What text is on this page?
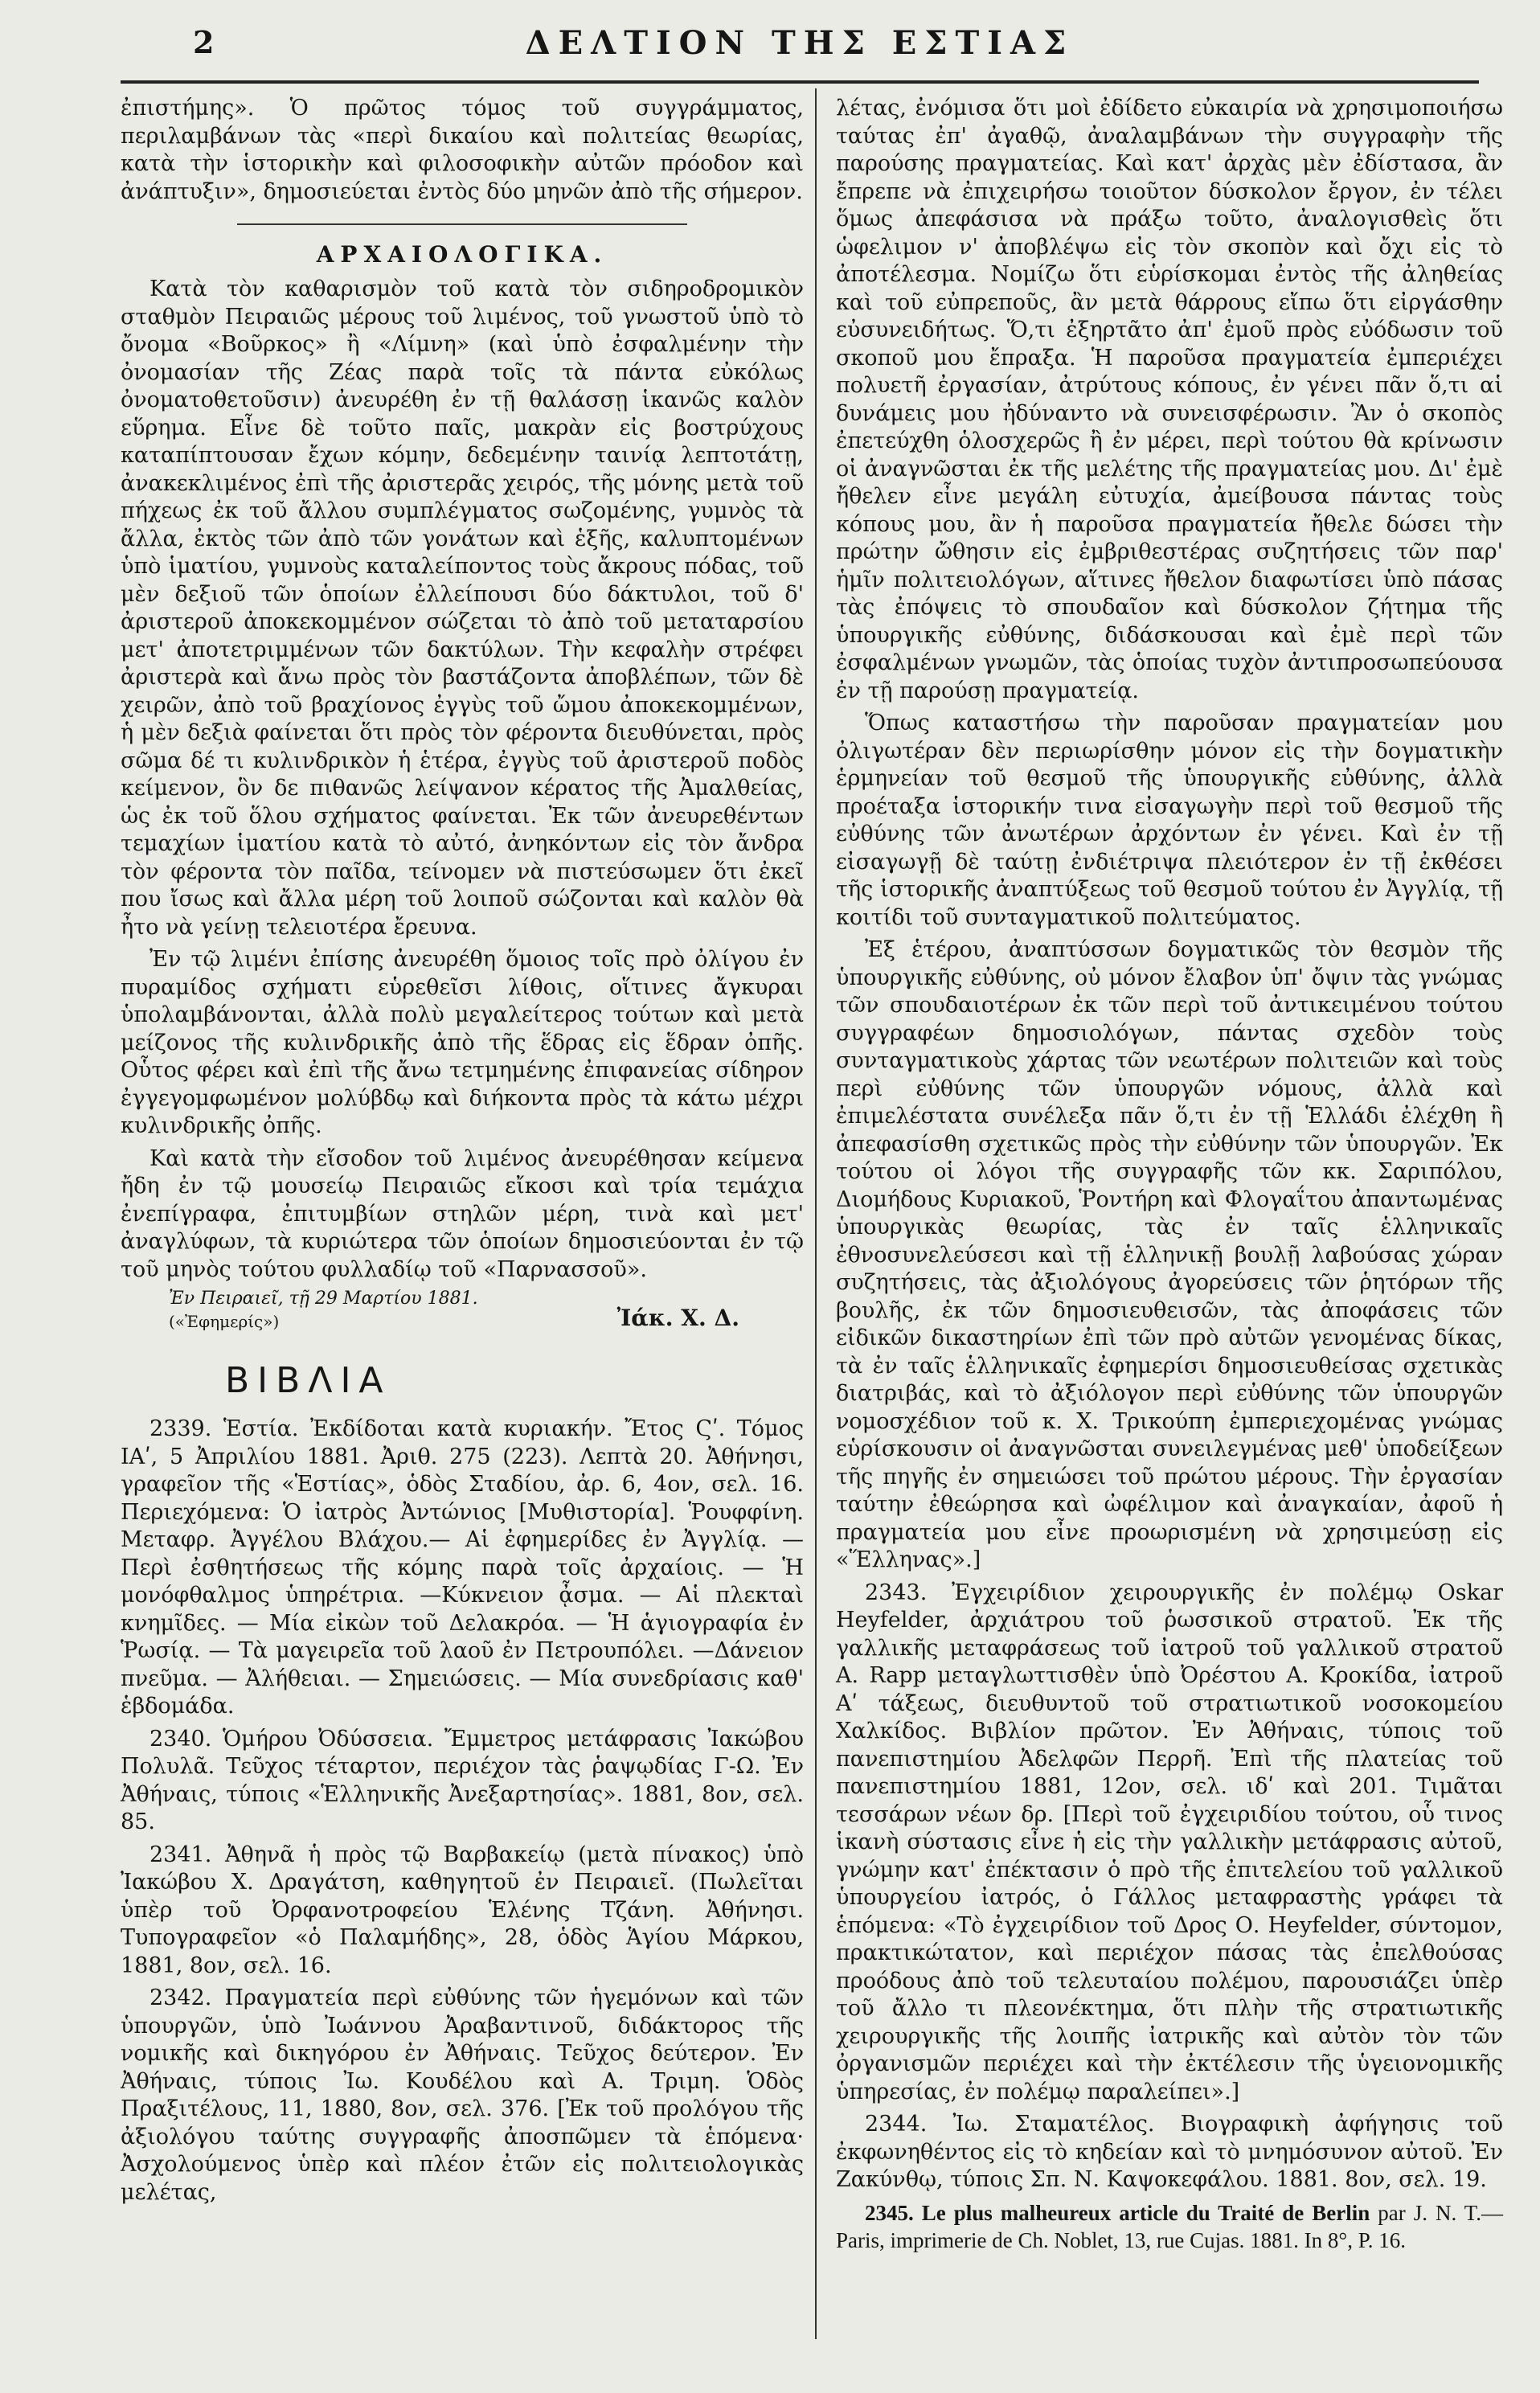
2	ΔΕΛΤΙΟΝ ΤΗΣ ΕΣΤΙΑΣ

ἐπιστήμης». Ὁ πρῶτος τόμος τοῦ συγγράμματος, περιλαμβάνων τὰς «περὶ δικαίου καὶ πολιτείας θεωρίας, κατὰ τὴν ἱστορικὴν καὶ φιλοσοφικὴν αὐτῶν πρόοδον καὶ ἀνάπτυξιν», δημοσιεύεται ἐντὸς δύο μηνῶν ἀπὸ τῆς σήμερον.

ΑΡΧΑΙΟΛΟΓΙΚΑ.

Κατὰ τὸν καθαρισμὸν τοῦ κατὰ τὸν σιδηροδρομικὸν σταθμὸν Πειραιῶς μέρους τοῦ λιμένος, τοῦ γνωστοῦ ὑπὸ τὸ ὄνομα «Βοῦρκος» ἢ «Λίμνη» (καὶ ὑπὸ ἐσφαλμένην τὴν ὀνομασίαν τῆς Ζέας παρὰ τοῖς τὰ πάντα εὐκόλως ὀνοματοθετοῦσιν) ἀνευρέθη ἐν τῇ θαλάσσῃ ἱκανῶς καλὸν εὕρημα. Εἶνε δὲ τοῦτο παῖς, μακρὰν εἰς βοστρύχους καταπίπτουσαν ἔχων κόμην, δεδεμένην ταινίᾳ λεπτοτάτῃ, ἀνακεκλιμένος ἐπὶ τῆς ἀριστερᾶς χειρός, τῆς μόνης μετὰ τοῦ πήχεως ἐκ τοῦ ἄλλου συμπλέγματος σωζομένης, γυμνὸς τὰ ἄλλα, ἐκτὸς τῶν ἀπὸ τῶν γονάτων καὶ ἑξῆς, καλυπτομένων ὑπὸ ἱματίου, γυμνοὺς καταλείποντος τοὺς ἄκρους πόδας, τοῦ μὲν δεξιοῦ τῶν ὁποίων ἐλλείπουσι δύο δάκτυλοι, τοῦ δ' ἀριστεροῦ ἀποκεκομμένον σώζεται τὸ ἀπὸ τοῦ μεταταρσίου μετ' ἀποτετριμμένων τῶν δακτύλων. Τὴν κεφαλὴν στρέφει ἀριστερὰ καὶ ἄνω πρὸς τὸν βαστάζοντα ἀποβλέπων, τῶν δὲ χειρῶν, ἀπὸ τοῦ βραχίονος ἐγγὺς τοῦ ὤμου ἀποκεκομμένων, ἡ μὲν δεξιὰ φαίνεται ὅτι πρὸς τὸν φέροντα διευθύνεται, πρὸς σῶμα δέ τι κυλινδρικὸν ἡ ἑτέρα, ἐγγὺς τοῦ ἀριστεροῦ ποδὸς κείμενον, ὃν δε πιθανῶς λείψανον κέρατος τῆς Ἀμαλθείας, ὡς ἐκ τοῦ ὅλου σχήματος φαίνεται. Ἐκ τῶν ἀνευρεθέντων τεμαχίων ἱματίου κατὰ τὸ αὐτό, ἀνηκόντων εἰς τὸν ἄνδρα τὸν φέροντα τὸν παῖδα, τείνομεν νὰ πιστεύσωμεν ὅτι ἐκεῖ που ἴσως καὶ ἄλλα μέρη τοῦ λοιποῦ σώζονται καὶ καλὸν θὰ ἦτο νὰ γείνῃ τελειοτέρα ἔρευνα.

Ἐν τῷ λιμένι ἐπίσης ἀνευρέθη ὅμοιος τοῖς πρὸ ὀλίγου ἐν πυραμίδος σχήματι εὑρεθεῖσι λίθοις, οἵτινες ἄγκυραι ὑπολαμβάνονται, ἀλλὰ πολὺ μεγαλείτερος τούτων καὶ μετὰ μείζονος τῆς κυλινδρικῆς ἀπὸ τῆς ἕδρας εἰς ἕδραν ὀπῆς. Οὗτος φέρει καὶ ἐπὶ τῆς ἄνω τετμημένης ἐπιφανείας σίδηρον ἐγγεγομφωμένον μολύβδῳ καὶ διήκοντα πρὸς τὰ κάτω μέχρι κυλινδρικῆς ὀπῆς.

Καὶ κατὰ τὴν εἴσοδον τοῦ λιμένος ἀνευρέθησαν κείμενα ἤδη ἐν τῷ μουσείῳ Πειραιῶς εἴκοσι καὶ τρία τεμάχια ἐνεπίγραφα, ἐπιτυμβίων στηλῶν μέρη, τινὰ καὶ μετ' ἀναγλύφων, τὰ κυριώτερα τῶν ὁποίων δημοσιεύονται ἐν τῷ τοῦ μηνὸς τούτου φυλλαδίῳ τοῦ «Παρνασσοῦ».

Ἐν Πειραιεῖ, τῇ 29 Μαρτίου 1881.
(«Ἐφημερίς»)	Ἰάκ. Χ. Δ.
ΒΙΒΛΙΑ

2339. Ἑστία. Ἐκδίδοται κατὰ κυριακήν. Ἔτος Ϛʹ. Τόμος ΙΑʹ, 5 Ἀπριλίου 1881. Ἀριθ. 275 (223). Λεπτὰ 20. Ἀθήνησι, γραφεῖον τῆς «Ἑστίας», ὁδὸς Σταδίου, ἀρ. 6, 4ον, σελ. 16. Περιεχόμενα: Ὁ ἰατρὸς Ἀντώνιος [Μυθιστορία]. Ῥουφφίνη. Μεταφρ. Ἀγγέλου Βλάχου.— Αἱ ἐφημερίδες ἐν Ἀγγλίᾳ. — Περὶ ἐσθητήσεως τῆς κόμης παρὰ τοῖς ἀρχαίοις. — Ἡ μονόφθαλμος ὑπηρέτρια. —Κύκνειον ᾆσμα. — Αἱ πλεκταὶ κνημῖδες. — Μία εἰκὼν τοῦ Δελακρόα. — Ἡ ἁγιογραφία ἐν Ῥωσίᾳ. — Τὰ μαγειρεῖα τοῦ λαοῦ ἐν Πετρουπόλει. —Δάνειον πνεῦμα. — Ἀλήθειαι. — Σημειώσεις. — Μία συνεδρίασις καθ' ἑβδομάδα.

2340. Ὁμήρου Ὀδύσσεια. Ἔμμετρος μετάφρασις Ἰακώβου Πολυλᾶ. Τεῦχος τέταρτον, περιέχον τὰς ῥαψῳδίας Γ-Ω. Ἐν Ἀθήναις, τύποις «Ἑλληνικῆς Ἀνεξαρτησίας». 1881, 8ον, σελ. 85.

2341. Ἀθηνᾶ ἡ πρὸς τῷ Βαρβακείῳ (μετὰ πίνακος) ὑπὸ Ἰακώβου Χ. Δραγάτση, καθηγητοῦ ἐν Πειραιεῖ. (Πωλεῖται ὑπὲρ τοῦ Ὀρφανοτροφείου Ἑλένης Τζάνη. Ἀθήνησι. Τυπογραφεῖον «ὁ Παλαμήδης», 28, ὁδὸς Ἁγίου Μάρκου, 1881, 8ον, σελ. 16.

2342. Πραγματεία περὶ εὐθύνης τῶν ἡγεμόνων καὶ τῶν ὑπουργῶν, ὑπὸ Ἰωάννου Ἀραβαντινοῦ, διδάκτορος τῆς νομικῆς καὶ δικηγόρου ἐν Ἀθήναις. Τεῦχος δεύτερον. Ἐν Ἀθήναις, τύποις Ἰω. Κουδέλου καὶ Α. Τριμη. Ὁδὸς Πραξιτέλους, 11, 1880, 8ον, σελ. 376. [Ἐκ τοῦ προλόγου τῆς ἀξιολόγου ταύτης συγγραφῆς ἀποσπῶμεν τὰ ἑπόμενα· Ἀσχολούμενος ὑπὲρ καὶ πλέον ἐτῶν εἰς πολιτειολογικὰς μελέτας,

λέτας, ἐνόμισα ὅτι μοὶ ἐδίδετο εὐκαιρία νὰ χρησιμοποιήσω ταύτας ἐπ' ἀγαθῷ, ἀναλαμβάνων τὴν συγγραφὴν τῆς παρούσης πραγματείας. Καὶ κατ' ἀρχὰς μὲν ἐδίστασα, ἂν ἔπρεπε νὰ ἐπιχειρήσω τοιοῦτον δύσκολον ἔργον, ἐν τέλει ὅμως ἀπεφάσισα νὰ πράξω τοῦτο, ἀναλογισθεὶς ὅτι ὡφελιμον ν' ἀποβλέψω εἰς τὸν σκοπὸν καὶ ὄχι εἰς τὸ ἀποτέλεσμα. Νομίζω ὅτι εὑρίσκομαι ἐντὸς τῆς ἀληθείας καὶ τοῦ εὐπρεποῦς, ἂν μετὰ θάρρους εἴπω ὅτι εἰργάσθην εὐσυνειδήτως. Ὅ,τι ἐξηρτᾶτο ἀπ' ἐμοῦ πρὸς εὐόδωσιν τοῦ σκοποῦ μου ἔπραξα. Ἡ παροῦσα πραγματεία ἐμπεριέχει πολυετῆ ἐργασίαν, ἀτρύτους κόπους, ἐν γένει πᾶν ὅ,τι αἱ δυνάμεις μου ἠδύναντο νὰ συνεισφέρωσιν. Ἂν ὁ σκοπὸς ἐπετεύχθη ὁλοσχερῶς ἢ ἐν μέρει, περὶ τούτου θὰ κρίνωσιν οἱ ἀναγνῶσται ἐκ τῆς μελέτης τῆς πραγματείας μου. Δι' ἐμὲ ἤθελεν εἶνε μεγάλη εὐτυχία, ἀμείβουσα πάντας τοὺς κόπους μου, ἂν ἡ παροῦσα πραγματεία ἤθελε δώσει τὴν πρώτην ὤθησιν εἰς ἐμβριθεστέρας συζητήσεις τῶν παρ' ἡμῖν πολιτειολόγων, αἵτινες ἤθελον διαφωτίσει ὑπὸ πάσας τὰς ἐπόψεις τὸ σπουδαῖον καὶ δύσκολον ζήτημα τῆς ὑπουργικῆς εὐθύνης, διδάσκουσαι καὶ ἐμὲ περὶ τῶν ἐσφαλμένων γνωμῶν, τὰς ὁποίας τυχὸν ἀντιπροσωπεύουσα ἐν τῇ παρούσῃ πραγματείᾳ.

Ὅπως καταστήσω τὴν παροῦσαν πραγματείαν μου ὀλιγωτέραν δὲν περιωρίσθην μόνον εἰς τὴν δογματικὴν ἑρμηνείαν τοῦ θεσμοῦ τῆς ὑπουργικῆς εὐθύνης, ἀλλὰ προέταξα ἱστορικήν τινα εἰσαγωγὴν περὶ τοῦ θεσμοῦ τῆς εὐθύνης τῶν ἀνωτέρων ἀρχόντων ἐν γένει. Καὶ ἐν τῇ εἰσαγωγῇ δὲ ταύτῃ ἐνδιέτριψα πλειότερον ἐν τῇ ἐκθέσει τῆς ἱστορικῆς ἀναπτύξεως τοῦ θεσμοῦ τούτου ἐν Ἀγγλίᾳ, τῇ κοιτίδι τοῦ συνταγματικοῦ πολιτεύματος.

Ἐξ ἑτέρου, ἀναπτύσσων δογματικῶς τὸν θεσμὸν τῆς ὑπουργικῆς εὐθύνης, οὐ μόνον ἔλαβον ὑπ' ὄψιν τὰς γνώμας τῶν σπουδαιοτέρων ἐκ τῶν περὶ τοῦ ἀντικειμένου τούτου συγγραφέων δημοσιολόγων, πάντας σχεδὸν τοὺς συνταγματικοὺς χάρτας τῶν νεωτέρων πολιτειῶν καὶ τοὺς περὶ εὐθύνης τῶν ὑπουργῶν νόμους, ἀλλὰ καὶ ἐπιμελέστατα συνέλεξα πᾶν ὅ,τι ἐν τῇ Ἑλλάδι ἐλέχθη ἢ ἀπεφασίσθη σχετικῶς πρὸς τὴν εὐθύνην τῶν ὑπουργῶν. Ἐκ τούτου οἱ λόγοι τῆς συγγραφῆς τῶν κκ. Σαριπόλου, Διομήδους Κυριακοῦ, Ῥοντήρη καὶ Φλογαΐτου ἀπαντωμένας ὑπουργικὰς θεωρίας, τὰς ἐν ταῖς ἑλληνικαῖς ἐθνοσυνελεύσεσι καὶ τῇ ἑλληνικῇ βουλῇ λαβούσας χώραν συζητήσεις, τὰς ἀξιολόγους ἀγορεύσεις τῶν ῥητόρων τῆς βουλῆς, ἐκ τῶν δημοσιευθεισῶν, τὰς ἀποφάσεις τῶν εἰδικῶν δικαστηρίων ἐπὶ τῶν πρὸ αὐτῶν γενομένας δίκας, τὰ ἐν ταῖς ἑλληνικαῖς ἐφημερίσι δημοσιευθείσας σχετικὰς διατριβάς, καὶ τὸ ἀξιόλογον περὶ εὐθύνης τῶν ὑπουργῶν νομοσχέδιον τοῦ κ. Χ. Τρικούπη ἐμπεριεχομένας γνώμας εὑρίσκουσιν οἱ ἀναγνῶσται συνειλεγμένας μεθ' ὑποδείξεων τῆς πηγῆς ἐν σημειώσει τοῦ πρώτου μέρους. Τὴν ἐργασίαν ταύτην ἐθεώρησα καὶ ὠφέλιμον καὶ ἀναγκαίαν, ἀφοῦ ἡ πραγματεία μου εἶνε προωρισμένη νὰ χρησιμεύσῃ εἰς «Ἕλληνας».]

2343. Ἐγχειρίδιον χειρουργικῆς ἐν πολέμῳ Oskar Heyfelder, ἀρχιάτρου τοῦ ῥωσσικοῦ στρατοῦ. Ἐκ τῆς γαλλικῆς μεταφράσεως τοῦ ἰατροῦ τοῦ γαλλικοῦ στρατοῦ A. Rapp μεταγλωττισθὲν ὑπὸ Ὀρέστου Α. Κροκίδα, ἰατροῦ Αʹ τάξεως, διευθυντοῦ τοῦ στρατιωτικοῦ νοσοκομείου Χαλκίδος. Βιβλίον πρῶτον. Ἐν Ἀθήναις, τύποις τοῦ πανεπιστημίου Ἀδελφῶν Περρῆ. Ἐπὶ τῆς πλατείας τοῦ πανεπιστημίου 1881, 12ον, σελ. ιδʹ καὶ 201. Τιμᾶται τεσσάρων νέων δρ. [Περὶ τοῦ ἐγχειριδίου τούτου, οὗ τινος ἱκανὴ σύστασις εἶνε ἡ εἰς τὴν γαλλικὴν μετάφρασις αὐτοῦ, γνώμην κατ' ἐπέκτασιν ὁ πρὸ τῆς ἐπιτελείου τοῦ γαλλικοῦ ὑπουργείου ἰατρός, ὁ Γάλλος μεταφραστὴς γράφει τὰ ἑπόμενα: «Τὸ ἐγχειρίδιον τοῦ Δρος Ο. Heyfelder, σύντομον, πρακτικώτατον, καὶ περιέχον πάσας τὰς ἐπελθούσας προόδους ἀπὸ τοῦ τελευταίου πολέμου, παρουσιάζει ὑπὲρ τοῦ ἄλλο τι πλεονέκτημα, ὅτι πλὴν τῆς στρατιωτικῆς χειρουργικῆς τῆς λοιπῆς ἰατρικῆς καὶ αὐτὸν τὸν τῶν ὀργανισμῶν περιέχει καὶ τὴν ἐκτέλεσιν τῆς ὑγειονομικῆς ὑπηρεσίας, ἐν πολέμῳ παραλείπει».]

2344. Ἰω. Σταματέλος. Βιογραφικὴ ἀφήγησις τοῦ ἐκφωνηθέντος εἰς τὸ κηδείαν καὶ τὸ μνημόσυνον αὐτοῦ. Ἐν Ζακύνθῳ, τύποις Σπ. Ν. Καψοκεφάλου. 1881. 8ον, σελ. 19.

2345. Le plus malheureux article du Traité de Berlin par J. N. T.—Paris, imprimerie de Ch. Noblet, 13, rue Cujas. 1881. In 8°, P. 16.
